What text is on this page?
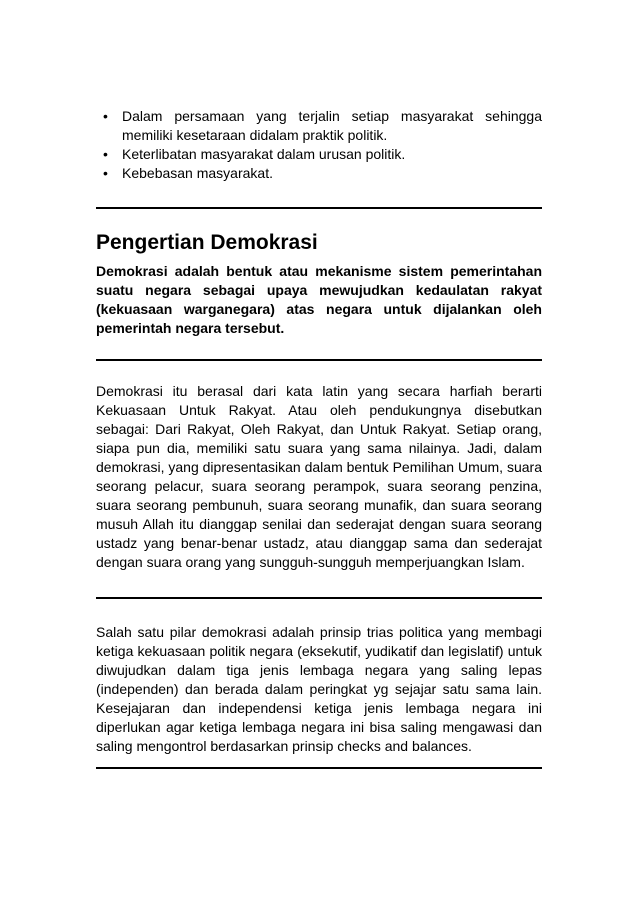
• Dalam persamaan yang terjalin setiap masyarakat sehingga memiliki kesetaraan didalam praktik politik.
• Keterlibatan masyarakat dalam urusan politik.
• Kebebasan masyarakat.
Pengertian Demokrasi

Demokrasi adalah bentuk atau mekanisme sistem pemerintahan suatu negara sebagai upaya mewujudkan kedaulatan rakyat (kekuasaan warganegara) atas negara untuk dijalankan oleh pemerintah negara tersebut.

Demokrasi itu berasal dari kata latin yang secara harfiah berarti Kekuasaan Untuk Rakyat. Atau oleh pendukungnya disebutkan sebagai: Dari Rakyat, Oleh Rakyat, dan Untuk Rakyat. Setiap orang, siapa pun dia, memiliki satu suara yang sama nilainya. Jadi, dalam demokrasi, yang dipresentasikan dalam bentuk Pemilihan Umum, suara seorang pelacur, suara seorang perampok, suara seorang penzina, suara seorang pembunuh, suara seorang munafik, dan suara seorang musuh Allah itu dianggap senilai dan sederajat dengan suara seorang ustadz yang benar-benar ustadz, atau dianggap sama dan sederajat dengan suara orang yang sungguh-sungguh memperjuangkan Islam.

Salah satu pilar demokrasi adalah prinsip trias politica yang membagi ketiga kekuasaan politik negara (eksekutif, yudikatif dan legislatif) untuk diwujudkan dalam tiga jenis lembaga negara yang saling lepas (independen) dan berada dalam peringkat yg sejajar satu sama lain. Kesejajaran dan independensi ketiga jenis lembaga negara ini diperlukan agar ketiga lembaga negara ini bisa saling mengawasi dan saling mengontrol berdasarkan prinsip checks and balances.
